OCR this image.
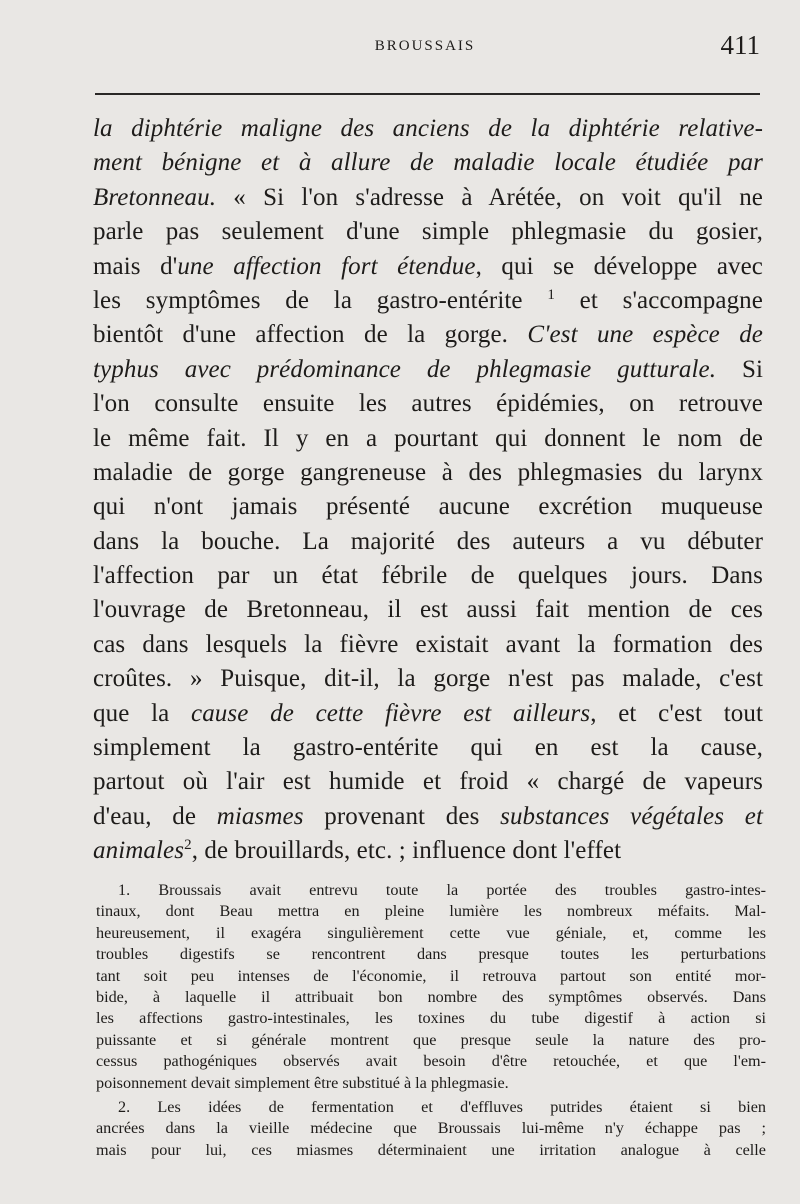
BROUSSAIS	411
la diphtérie maligne des anciens de la diphtérie relative-
ment bénigne et à allure de maladie locale étudiée par
Bretonneau. « Si l'on s'adresse à Arétée, on voit qu'il ne
parle pas seulement d'une simple phlegmasie du gosier,
mais d'une affection fort étendue, qui se développe avec
les symptômes de la gastro-entérite $^1$ et s'accompagne
bientôt d'une affection de la gorge. C'est une espèce de
typhus avec prédominance de phlegmasie gutturale. Si
l'on consulte ensuite les autres épidémies, on retrouve
le même fait. Il y en a pourtant qui donnent le nom de
maladie de gorge gangreneuse à des phlegmasies du larynx
qui n'ont jamais présenté aucune excrétion muqueuse
dans la bouche. La majorité des auteurs a vu débuter
l'affection par un état fébrile de quelques jours. Dans
l'ouvrage de Bretonneau, il est aussi fait mention de ces
cas dans lesquels la fièvre existait avant la formation des
croûtes. » Puisque, dit-il, la gorge n'est pas malade, c'est
que la cause de cette fièvre est ailleurs, et c'est tout
simplement la gastro-entérite qui en est la cause,
partout où l'air est humide et froid « chargé de vapeurs
d'eau, de miasmes provenant des substances végétales et
animales$^2$, de brouillards, etc. ; influence dont l'effet
1. Broussais avait entrevu toute la portée des troubles gastro-intes-
tinaux, dont Beau mettra en pleine lumière les nombreux méfaits. Mal-
heureusement, il exagéra singulièrement cette vue géniale, et, comme les
troubles digestifs se rencontrent dans presque toutes les perturbations
tant soit peu intenses de l'économie, il retrouva partout son entité mor-
bide, à laquelle il attribuait bon nombre des symptômes observés. Dans
les affections gastro-intestinales, les toxines du tube digestif à action si
puissante et si générale montrent que presque seule la nature des pro-
cessus pathogéniques observés avait besoin d'être retouchée, et que l'em-
poisonnement devait simplement être substitué à la phlegmasie.
2. Les idées de fermentation et d'effluves putrides étaient si bien
ancrées dans la vieille médecine que Broussais lui-même n'y échappe pas ;
mais pour lui, ces miasmes déterminaient une irritation analogue à celle
